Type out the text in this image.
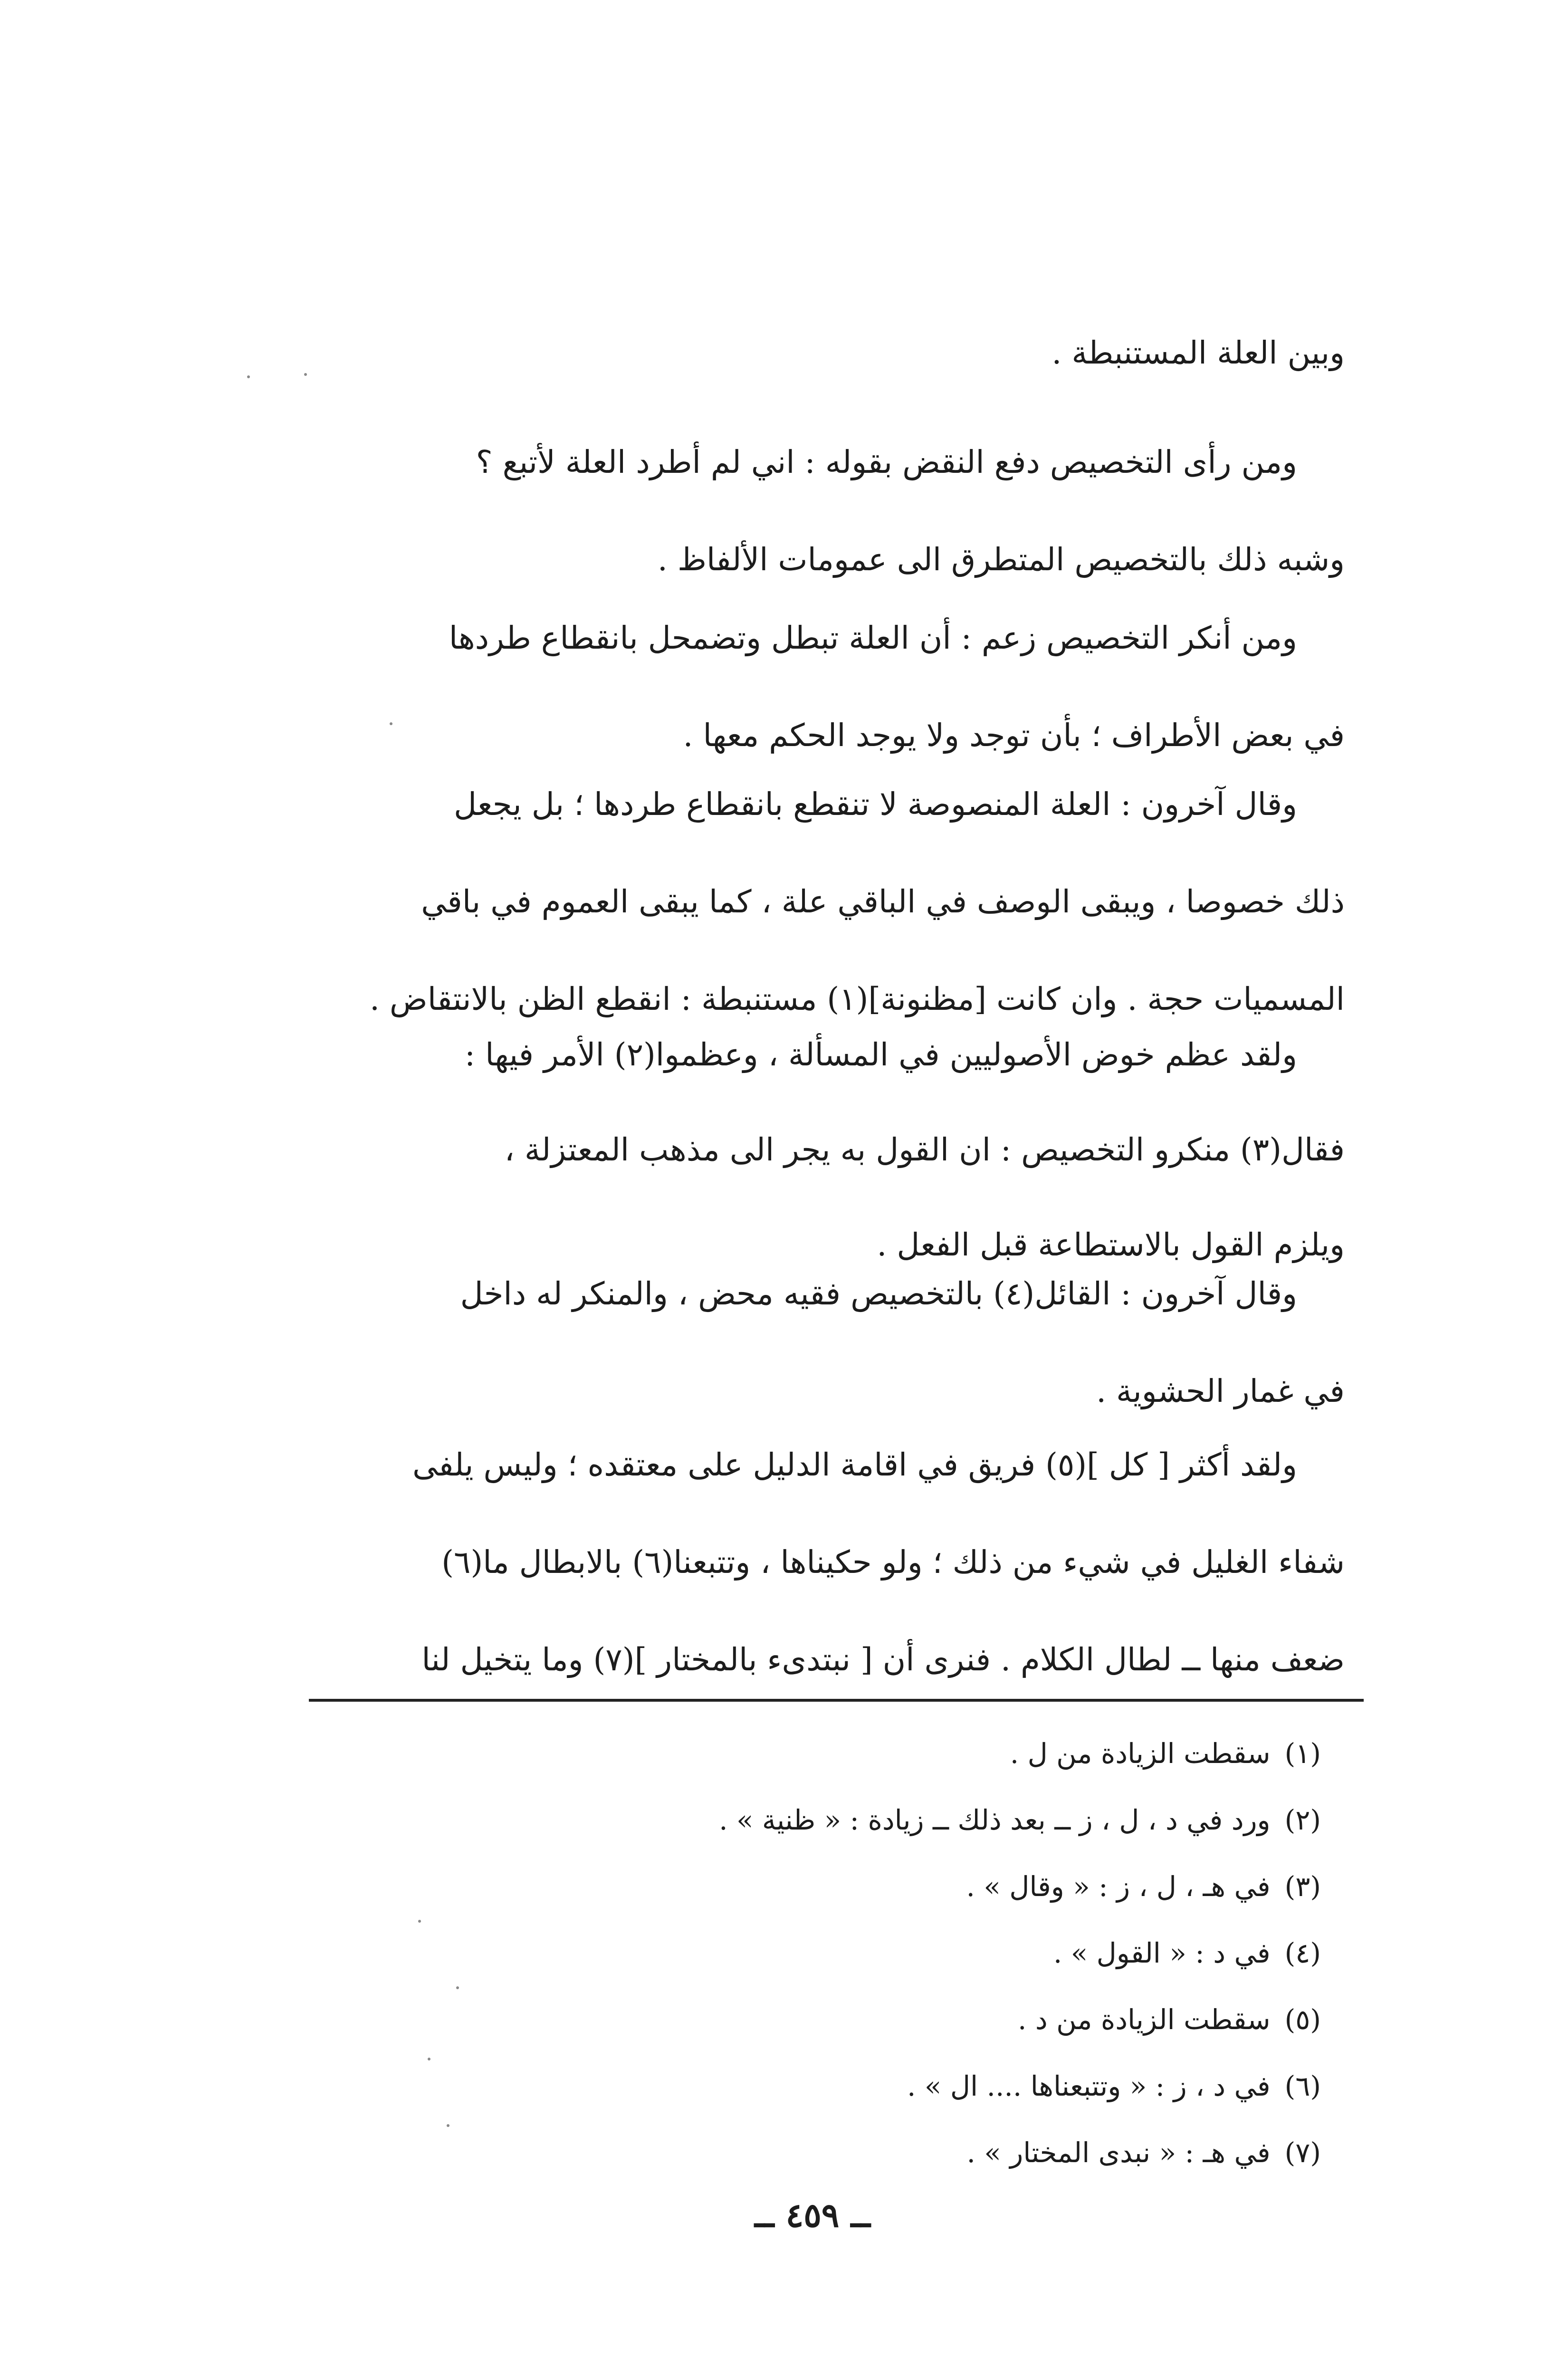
وبين العلة المستنبطة .
ومن رأى التخصيص دفع النقض بقوله : اني لم أطرد العلة لأتبع ؟
وشبه ذلك بالتخصيص المتطرق الى عمومات الألفاظ .
ومن أنكر التخصيص زعم : أن العلة تبطل وتضمحل بانقطاع طردها
في بعض الأطراف ؛ بأن توجد ولا يوجد الحكم معها .
وقال آخرون : العلة المنصوصة لا تنقطع بانقطاع طردها ؛ بل يجعل
ذلك خصوصا ، ويبقى الوصف في الباقي علة ، كما يبقى العموم في باقي
المسميات حجة . وان كانت [مظنونة](١) مستنبطة : انقطع الظن بالانتقاض .
ولقد عظم خوض الأصوليين في المسألة ، وعظموا(٢) الأمر فيها :
فقال(٣) منكرو التخصيص : ان القول به يجر الى مذهب المعتزلة ،
ويلزم القول بالاستطاعة قبل الفعل .
وقال آخرون : القائل(٤) بالتخصيص فقيه محض ، والمنكر له داخل
في غمار الحشوية .
ولقد أكثر [ كل ](٥) فريق في اقامة الدليل على معتقده ؛ وليس يلفى
شفاء الغليل في شيء من ذلك ؛ ولو حكيناها ، وتتبعنا(٦) بالابطال ما(٦)
ضعف منها ــ لطال الكلام . فنرى أن [ نبتدىء بالمختار ](٧) وما يتخيل لنا
(١)سقطت الزيادة من ل .
(٢)ورد في د ، ل ، ز ــ بعد ذلك ــ زيادة : « ظنية » .
(٣)في هـ ، ل ، ز : « وقال » .
(٤)في د : « القول » .
(٥)سقطت الزيادة من د .
(٦)في د ، ز : « وتتبعناها .... ال » .
(٧)في هـ : « نبدى المختار » .
ــ ٤٥٩ ــ
